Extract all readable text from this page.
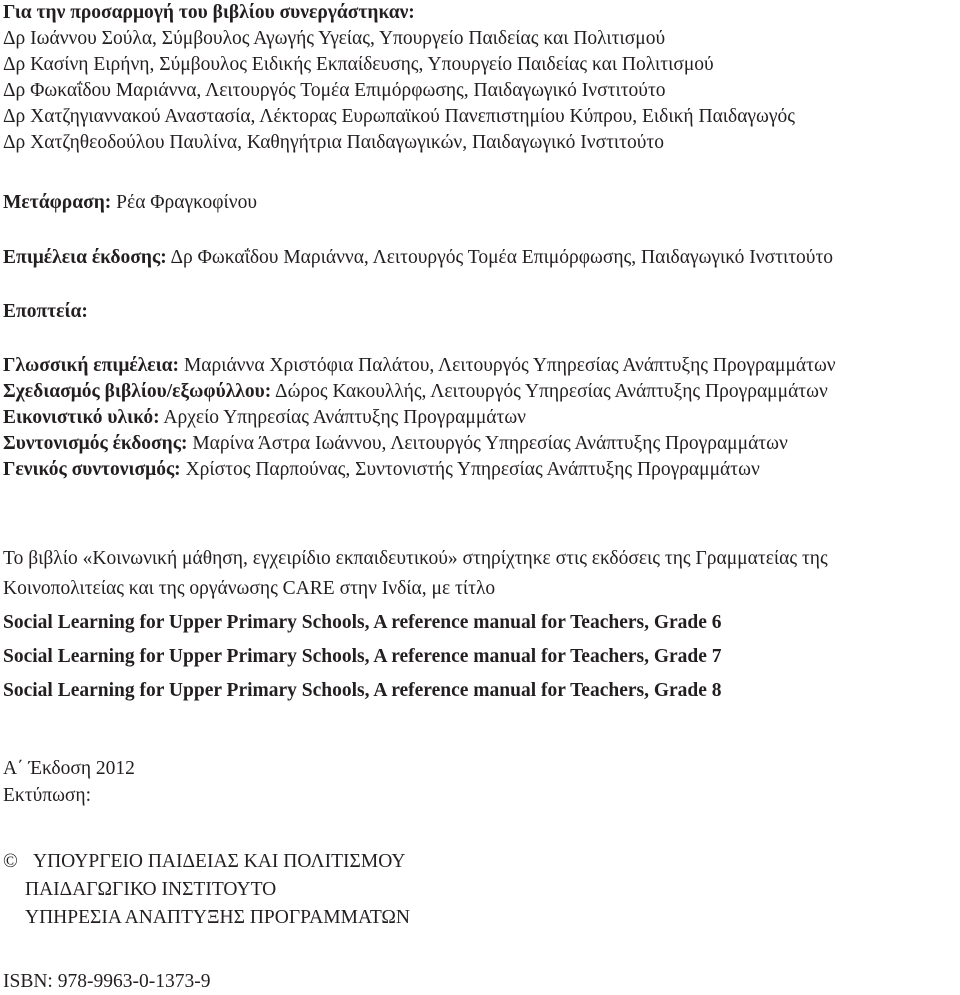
Για την προσαρμογή του βιβλίου συνεργάστηκαν:
Δρ Ιωάννου Σούλα, Σύμβουλος Αγωγής Υγείας, Υπουργείο Παιδείας και Πολιτισμού
Δρ Κασίνη Ειρήνη, Σύμβουλος Ειδικής Εκπαίδευσης, Υπουργείο Παιδείας και Πολιτισμού
Δρ Φωκαΐδου Μαριάννα, Λειτουργός Τομέα Επιμόρφωσης, Παιδαγωγικό Ινστιτούτο
Δρ Χατζηγιαννακού Αναστασία, Λέκτορας Ευρωπαϊκού Πανεπιστημίου Κύπρου, Ειδική Παιδαγωγός
Δρ Χατζηθεοδούλου Παυλίνα, Καθηγήτρια Παιδαγωγικών, Παιδαγωγικό Ινστιτούτο
Μετάφραση: Ρέα Φραγκοφίνου
Επιμέλεια έκδοσης: Δρ Φωκαΐδου Μαριάννα, Λειτουργός Τομέα Επιμόρφωσης, Παιδαγωγικό Ινστιτούτο
Εποπτεία:
Γλωσσική επιμέλεια: Μαριάννα Χριστόφια Παλάτου, Λειτουργός Υπηρεσίας Ανάπτυξης Προγραμμάτων
Σχεδιασμός βιβλίου/εξωφύλλου: Δώρος Κακουλλής, Λειτουργός Υπηρεσίας Ανάπτυξης Προγραμμάτων
Εικονιστικό υλικό: Αρχείο Υπηρεσίας Ανάπτυξης Προγραμμάτων
Συντονισμός έκδοσης: Μαρίνα Άστρα Ιωάννου, Λειτουργός Υπηρεσίας Ανάπτυξης Προγραμμάτων
Γενικός συντονισμός: Χρίστος Παρπούνας, Συντονιστής Υπηρεσίας Ανάπτυξης Προγραμμάτων
Το βιβλίο «Κοινωνική μάθηση, εγχειρίδιο εκπαιδευτικού» στηρίχτηκε στις εκδόσεις της Γραμματείας της
Κοινοπολιτείας και της οργάνωσης CARE στην Ινδία, με τίτλο
Social Learning for Upper Primary Schools, A reference manual for Teachers, Grade 6
Social Learning for Upper Primary Schools, A reference manual for Teachers, Grade 7
Social Learning for Upper Primary Schools, A reference manual for Teachers, Grade 8
Α΄ Έκδοση 2012
Εκτύπωση:
© ΥΠΟΥΡΓΕΙΟ ΠΑΙΔΕΙΑΣ ΚΑΙ ΠΟΛΙΤΙΣΜΟΥ
ΠΑΙΔΑΓΩΓΙΚΟ ΙΝΣΤΙΤΟΥΤΟ
ΥΠΗΡΕΣΙΑ ΑΝΑΠΤΥΞΗΣ ΠΡΟΓΡΑΜΜΑΤΩΝ
ISBN: 978-9963-0-1373-9
